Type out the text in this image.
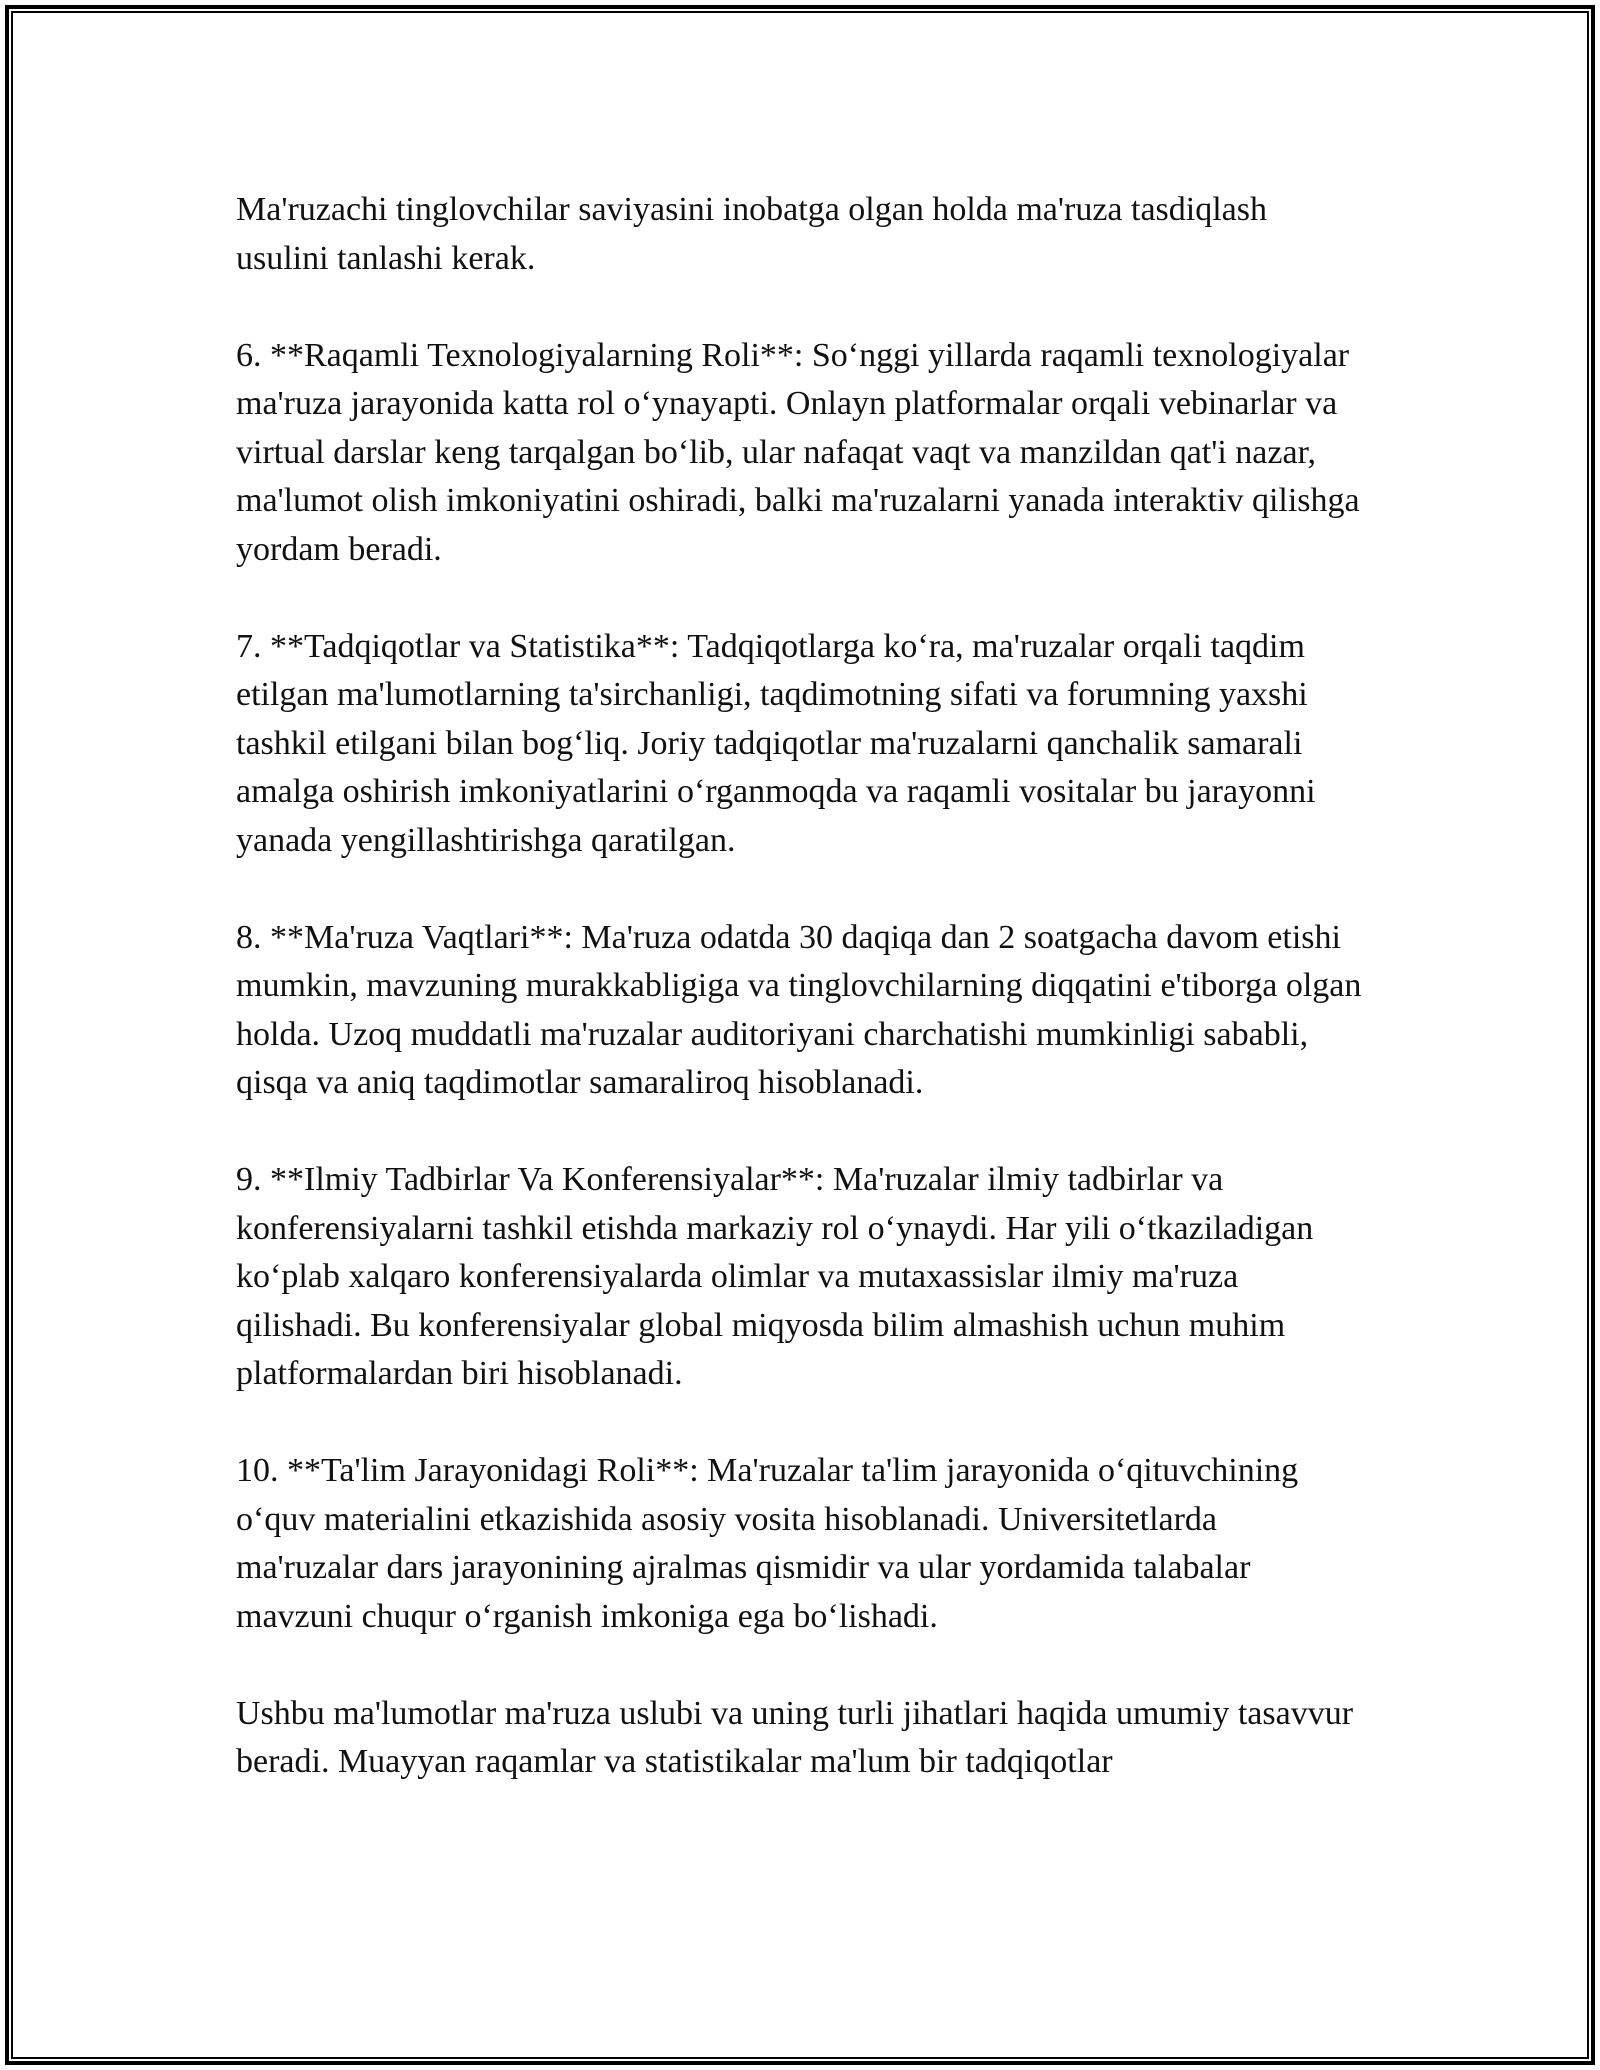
Ma'ruzachi tinglovchilar saviyasini inobatga olgan holda ma'ruza tasdiqlash usulini tanlashi kerak.

6. **Raqamli Texnologiyalarning Roli**: So‘nggi yillarda raqamli texnologiyalar ma'ruza jarayonida katta rol o‘ynayapti. Onlayn platformalar orqali vebinarlar va virtual darslar keng tarqalgan bo‘lib, ular nafaqat vaqt va manzildan qat'i nazar, ma'lumot olish imkoniyatini oshiradi, balki ma'ruzalarni yanada interaktiv qilishga yordam beradi.

7. **Tadqiqotlar va Statistika**: Tadqiqotlarga ko‘ra, ma'ruzalar orqali taqdim etilgan ma'lumotlarning ta'sirchanligi, taqdimotning sifati va forumning yaxshi tashkil etilgani bilan bog‘liq. Joriy tadqiqotlar ma'ruzalarni qanchalik samarali amalga oshirish imkoniyatlarini o‘rganmoqda va raqamli vositalar bu jarayonni yanada yengillashtirishga qaratilgan.

8. **Ma'ruza Vaqtlari**: Ma'ruza odatda 30 daqiqa dan 2 soatgacha davom etishi mumkin, mavzuning murakkabligiga va tinglovchilarning diqqatini e'tiborga olgan holda. Uzoq muddatli ma'ruzalar auditoriyani charchatishi mumkinligi sababli, qisqa va aniq taqdimotlar samaraliroq hisoblanadi.

9. **Ilmiy Tadbirlar Va Konferensiyalar**: Ma'ruzalar ilmiy tadbirlar va konferensiyalarni tashkil etishda markaziy rol o‘ynaydi. Har yili o‘tkaziladigan ko‘plab xalqaro konferensiyalarda olimlar va mutaxassislar ilmiy ma'ruza qilishadi. Bu konferensiyalar global miqyosda bilim almashish uchun muhim platformalardan biri hisoblanadi.

10. **Ta'lim Jarayonidagi Roli**: Ma'ruzalar ta'lim jarayonida o‘qituvchining o‘quv materialini etkazishida asosiy vosita hisoblanadi. Universitetlarda ma'ruzalar dars jarayonining ajralmas qismidir va ular yordamida talabalar mavzuni chuqur o‘rganish imkoniga ega bo‘lishadi.

Ushbu ma'lumotlar ma'ruza uslubi va uning turli jihatlari haqida umumiy tasavvur beradi. Muayyan raqamlar va statistikalar ma'lum bir tadqiqotlar
